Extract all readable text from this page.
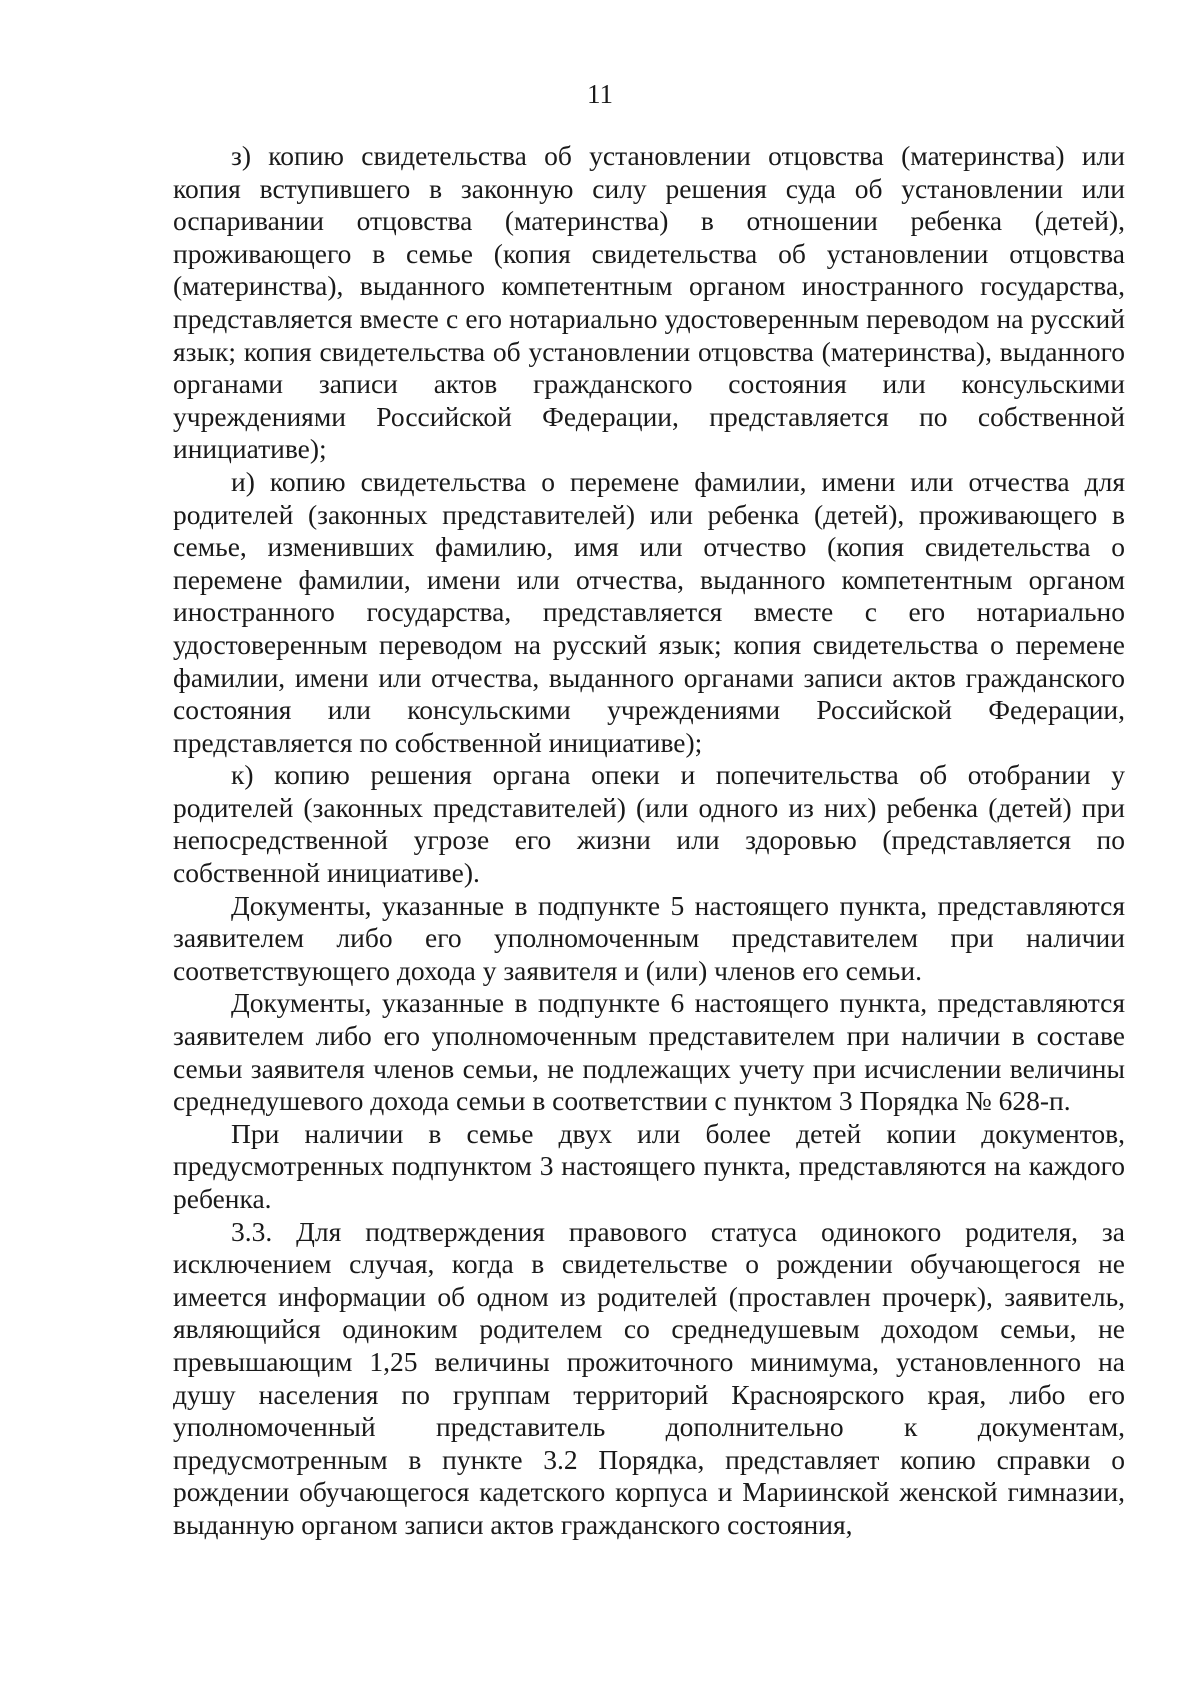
11

з) копию свидетельства об установлении отцовства (материнства) или копия вступившего в законную силу решения суда об установлении или оспаривании отцовства (материнства) в отношении ребенка (детей), проживающего в семье (копия свидетельства об установлении отцовства (материнства), выданного компетентным органом иностранного государства, представляется вместе с его нотариально удостоверенным переводом на русский язык; копия свидетельства об установлении отцовства (материнства), выданного органами записи актов гражданского состояния или консульскими учреждениями Российской Федерации, представляется по собственной инициативе);

и) копию свидетельства о перемене фамилии, имени или отчества для родителей (законных представителей) или ребенка (детей), проживающего в семье, изменивших фамилию, имя или отчество (копия свидетельства о перемене фамилии, имени или отчества, выданного компетентным органом иностранного государства, представляется вместе с его нотариально удостоверенным переводом на русский язык; копия свидетельства о перемене фамилии, имени или отчества, выданного органами записи актов гражданского состояния или консульскими учреждениями Российской Федерации, представляется по собственной инициативе);

к) копию решения органа опеки и попечительства об отобрании у родителей (законных представителей) (или одного из них) ребенка (детей) при непосредственной угрозе его жизни или здоровью (представляется по собственной инициативе).

Документы, указанные в подпункте 5 настоящего пункта, представляются заявителем либо его уполномоченным представителем при наличии соответствующего дохода у заявителя и (или) членов его семьи.

Документы, указанные в подпункте 6 настоящего пункта, представляются заявителем либо его уполномоченным представителем при наличии в составе семьи заявителя членов семьи, не подлежащих учету при исчислении величины среднедушевого дохода семьи в соответствии с пунктом 3 Порядка № 628-п.

При наличии в семье двух или более детей копии документов, предусмотренных подпунктом 3 настоящего пункта, представляются на каждого ребенка.

3.3. Для подтверждения правового статуса одинокого родителя, за исключением случая, когда в свидетельстве о рождении обучающегося не имеется информации об одном из родителей (проставлен прочерк), заявитель, являющийся одиноким родителем со среднедушевым доходом семьи, не превышающим 1,25 величины прожиточного минимума, установленного на душу населения по группам территорий Красноярского края, либо его уполномоченный представитель дополнительно к документам, предусмотренным в пункте 3.2 Порядка, представляет копию справки о рождении обучающегося кадетского корпуса и Мариинской женской гимназии, выданную органом записи актов гражданского состояния,
